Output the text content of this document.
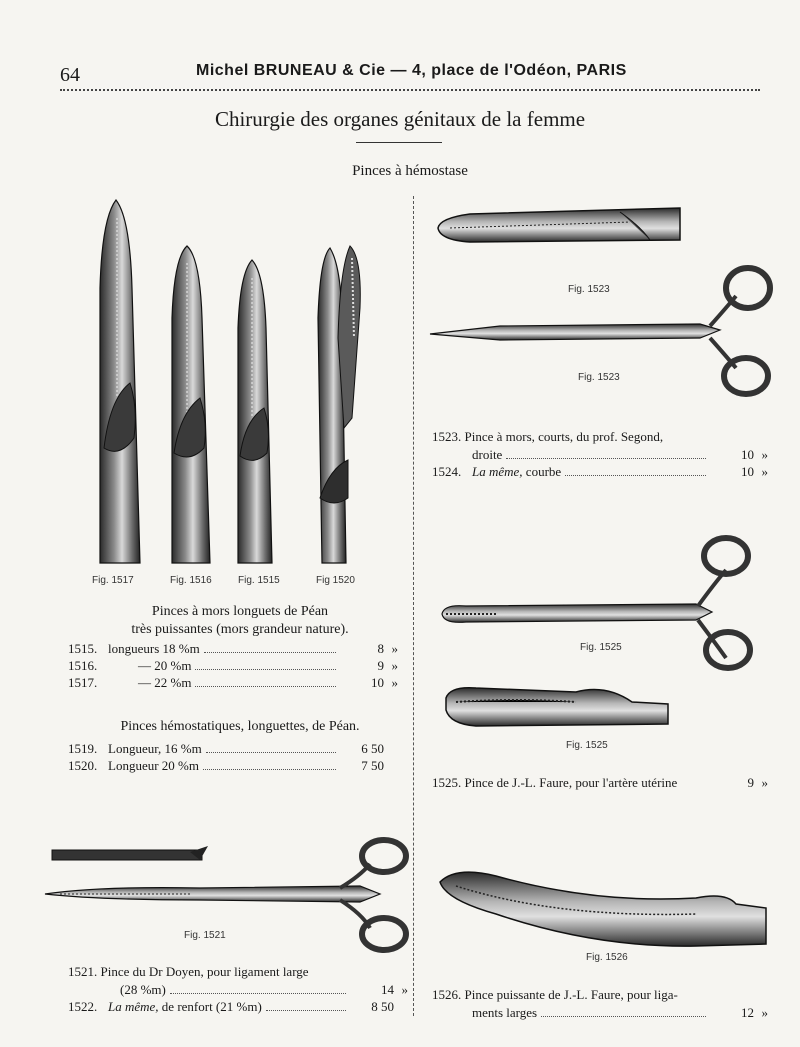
64	Michel BRUNEAU & Cie — 4, place de l'Odéon, PARIS
Chirurgie des organes génitaux de la femme
Pinces à hémostase
Fig. 1517	Fig. 1516	Fig. 1515	Fig 1520
Pinces à mors longuets de Péan
très puissantes (mors grandeur nature).
1515. longueurs 18 %m	8 »
1516.	— 20 %m	9 »
1517.	— 22 %m	10 »
Pinces hémostatiques, longuettes, de Péan.
1519. Longueur, 16 %m	6 50
1520. Longueur 20 %m	7 50
Fig. 1521
1521. Pince du Dr Doyen, pour ligament large
(28 %m)	14 »
1522. La même, de renfort (21 %m)	8 50
Fig. 1523
Fig. 1523
1523. Pince à mors, courts, du prof. Segond,
droite	10 »
1524. La même, courbe	10 »
Fig. 1525
Fig. 1525
1525. Pince de J.-L. Faure, pour l'artère utérine	9 »
Fig. 1526
1526. Pince puissante de J.-L. Faure, pour liga-
ments larges	12 »
